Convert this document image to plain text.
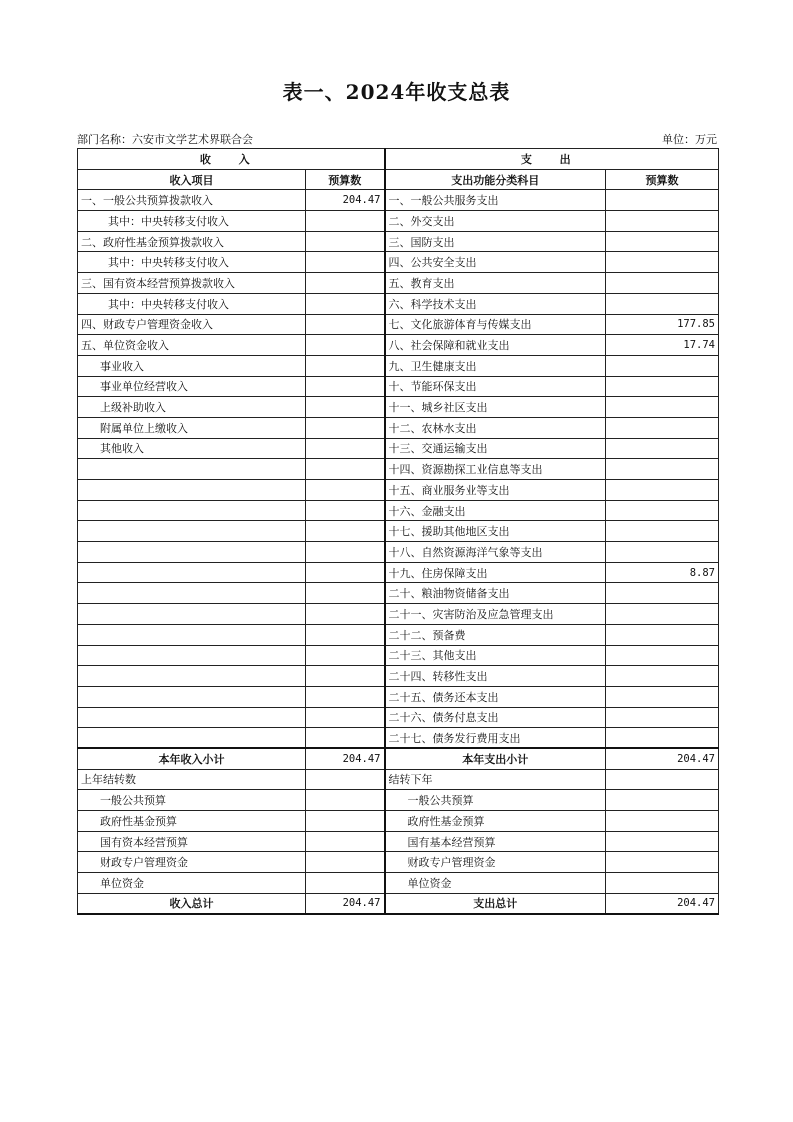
表一、2024年收支总表
部门名称：六安市文学艺术界联合会	单位：万元
收 入		支 出	
收入项目	预算数	支出功能分类科目	预算数
一、一般公共预算拨款收入	204.47	一、一般公共服务支出	
其中：中央转移支付收入		二、外交支出	
二、政府性基金预算拨款收入		三、国防支出	
其中：中央转移支付收入		四、公共安全支出	
三、国有资本经营预算拨款收入		五、教育支出	
其中：中央转移支付收入		六、科学技术支出	
四、财政专户管理资金收入		七、文化旅游体育与传媒支出	177.85
五、单位资金收入		八、社会保障和就业支出	17.74
事业收入		九、卫生健康支出	
事业单位经营收入		十、节能环保支出	
上级补助收入		十一、城乡社区支出	
附属单位上缴收入		十二、农林水支出	
其他收入		十三、交通运输支出	
		十四、资源勘探工业信息等支出	
		十五、商业服务业等支出	
		十六、金融支出	
		十七、援助其他地区支出	
		十八、自然资源海洋气象等支出	
		十九、住房保障支出	8.87
		二十、粮油物资储备支出	
		二十一、灾害防治及应急管理支出	
		二十二、预备费	
		二十三、其他支出	
		二十四、转移性支出	
		二十五、债务还本支出	
		二十六、债务付息支出	
		二十七、债务发行费用支出	
本年收入小计	204.47	本年支出小计	204.47
上年结转数		结转下年	
一般公共预算		一般公共预算	
政府性基金预算		政府性基金预算	
国有资本经营预算		国有基本经营预算	
财政专户管理资金		财政专户管理资金	
单位资金		单位资金	
收入总计	204.47	支出总计	204.47
